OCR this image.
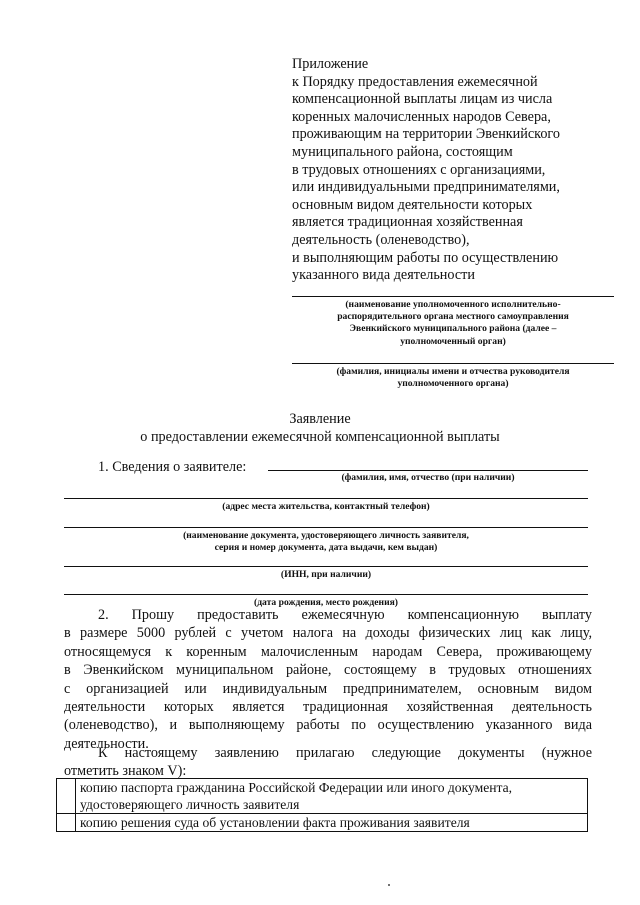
Приложение
к Порядку предоставления ежемесячной
компенсационной выплаты лицам из числа
коренных малочисленных народов Севера,
проживающим на территории Эвенкийского
муниципального района, состоящим
в трудовых отношениях с организациями,
или индивидуальными предпринимателями,
основным видом деятельности которых
является традиционная хозяйственная
деятельность (оленеводство),
и выполняющим работы по осуществлению
указанного вида деятельности
(наименование уполномоченного исполнительно-
распорядительного органа местного самоуправления
Эвенкийского муниципального района (далее –
уполномоченный орган)
(фамилия, инициалы имени и отчества руководителя
уполномоченного органа)
Заявление
о предоставлении ежемесячной компенсационной выплаты
1. Сведения о заявителе:
(фамилия, имя, отчество (при наличии)
(адрес места жительства, контактный телефон)
(наименование документа, удостоверяющего личность заявителя,
серия и номер документа, дата выдачи, кем выдан)
(ИНН, при наличии)
(дата рождения, место рождения)
2. Прошу предоставить ежемесячную компенсационную выплату
в размере 5000 рублей с учетом налога на доходы физических лиц как лицу,
относящемуся к коренным малочисленным народам Севера, проживающему
в Эвенкийском муниципальном районе, состоящему в трудовых отношениях
с организацией или индивидуальным предпринимателем, основным видом
деятельности которых является традиционная хозяйственная деятельность
(оленеводство), и выполняющему работы по осуществлению указанного вида
деятельности.
К настоящему заявлению прилагаю следующие документы (нужное
отметить знаком V):

	копию паспорта гражданина Российской Федерации или иного документа,
удостоверяющего личность заявителя

	копию решения суда об установлении факта проживания заявителя
